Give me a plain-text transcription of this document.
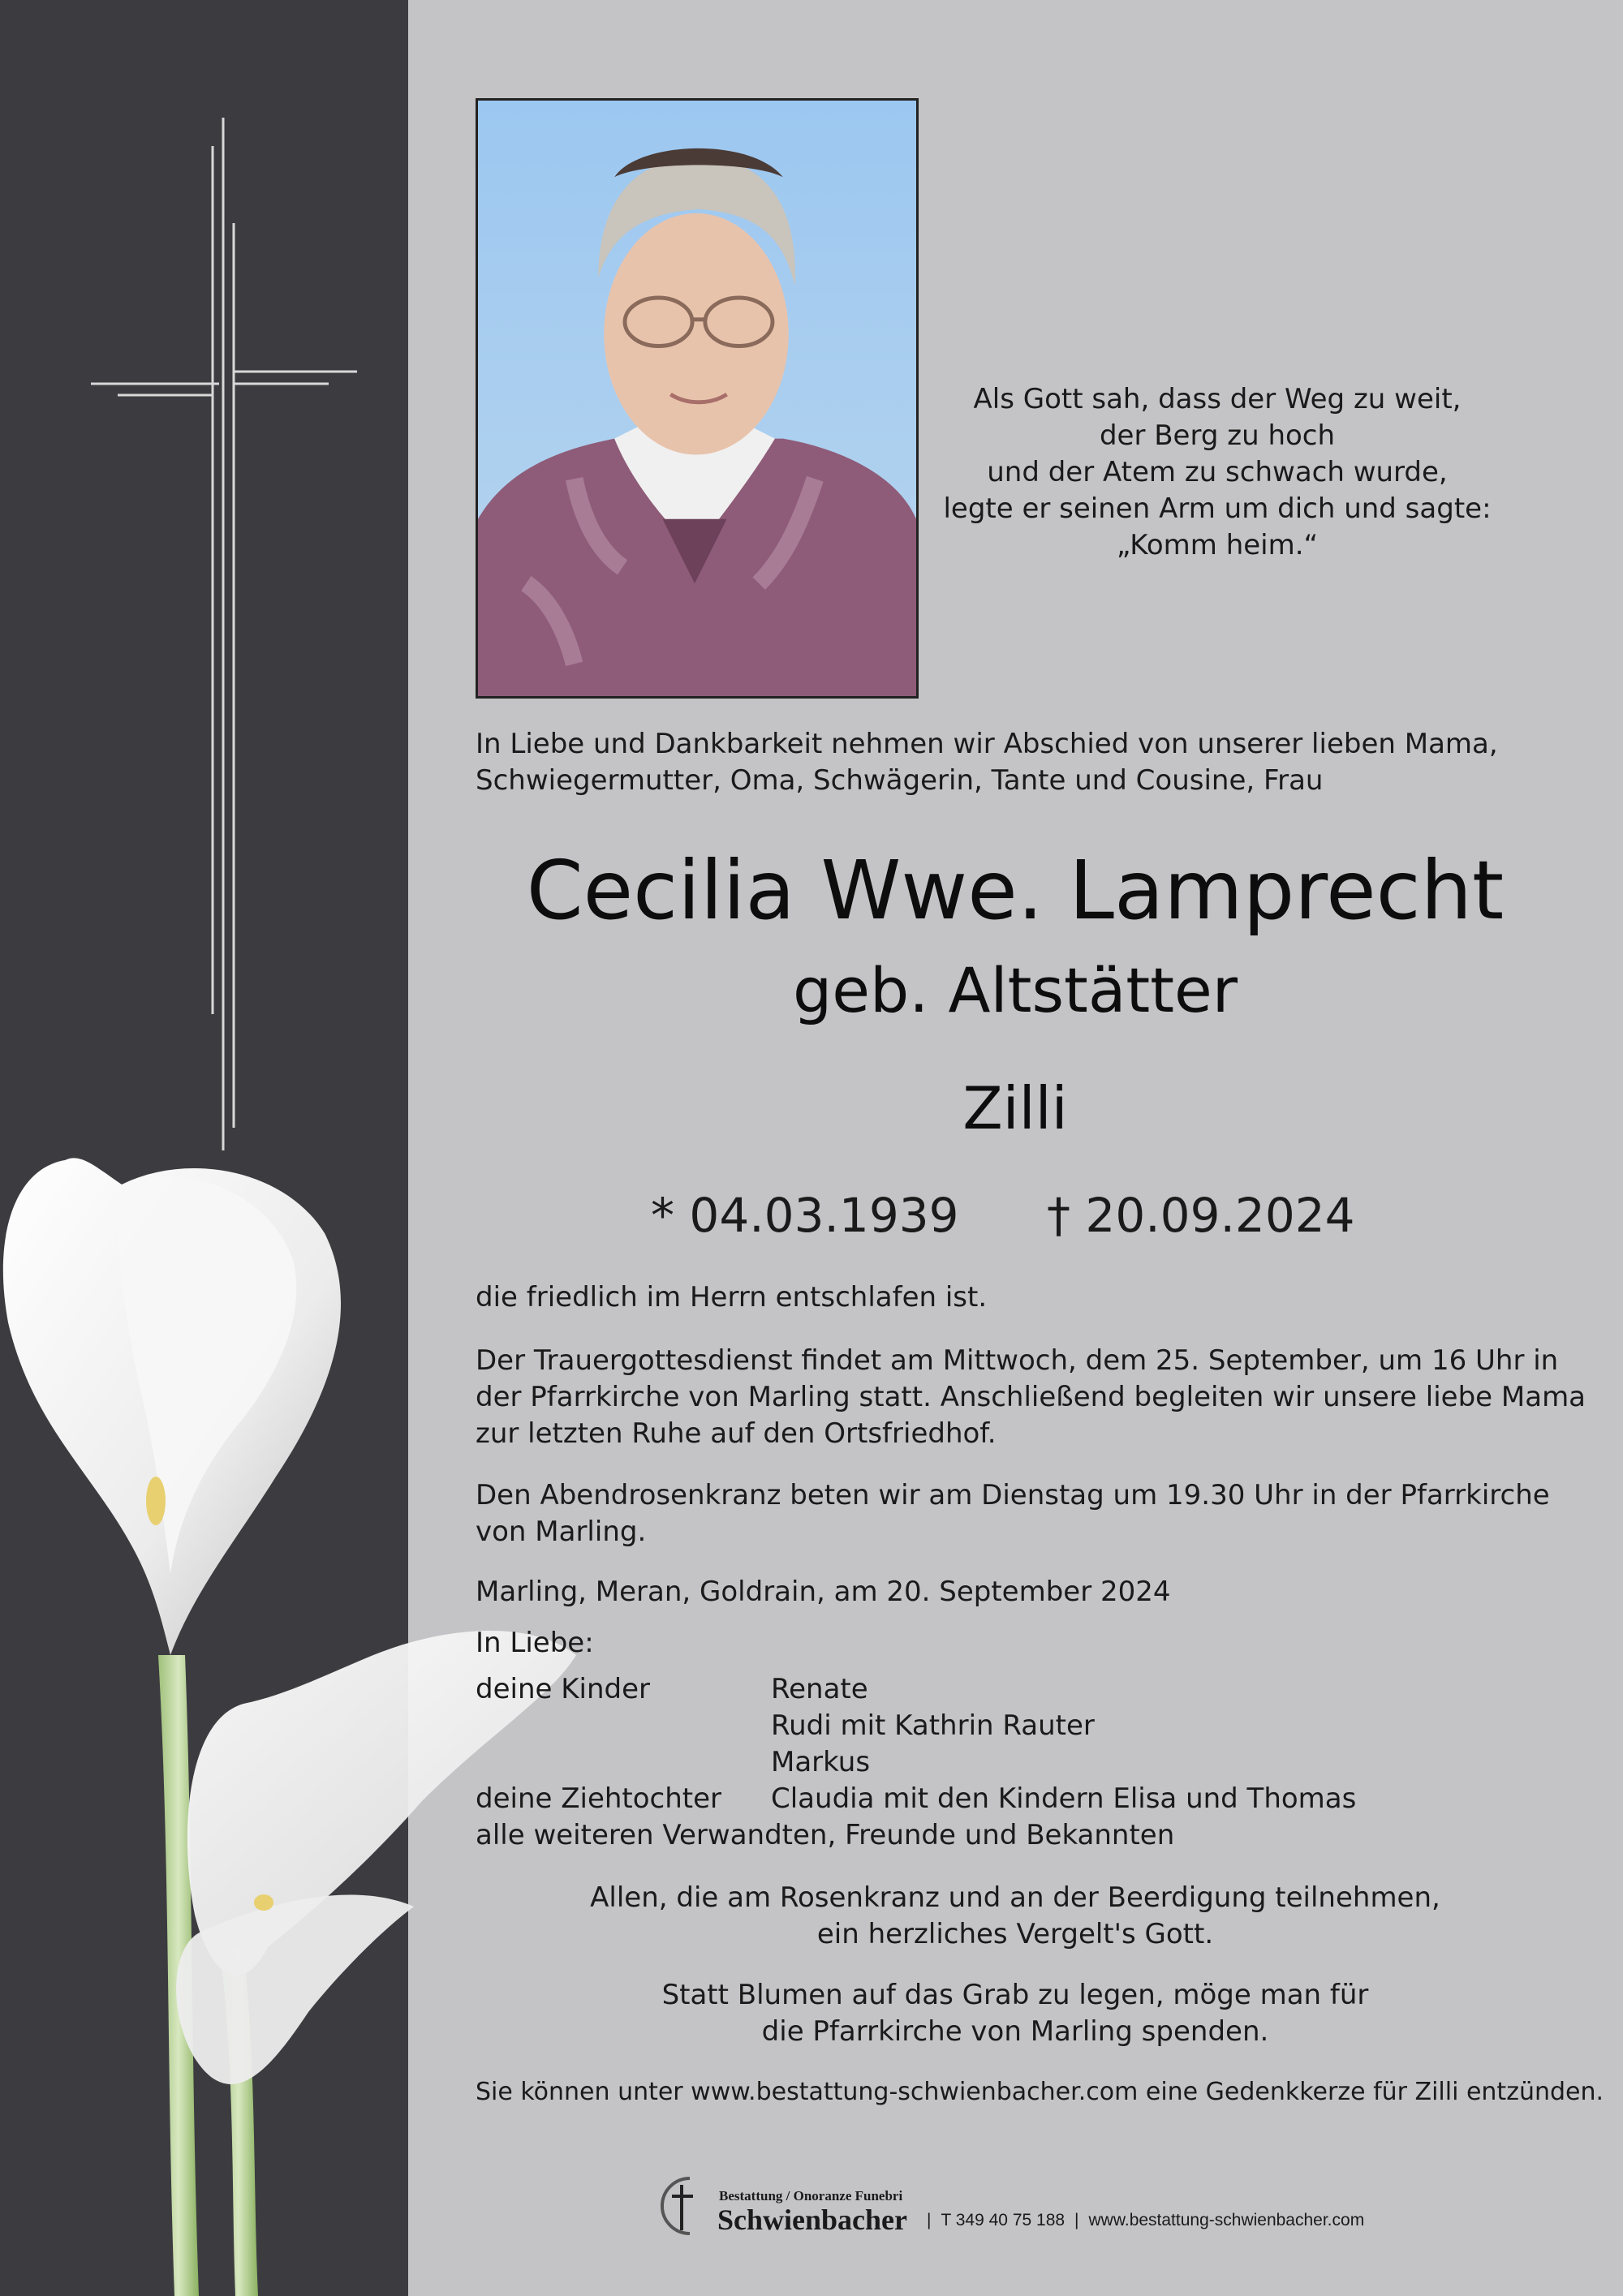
Als Gott sah, dass der Weg zu weit,
der Berg zu hoch
und der Atem zu schwach wurde,
legte er seinen Arm um dich und sagte:
„Komm heim.“
In Liebe und Dankbarkeit nehmen wir Abschied von unserer lieben Mama,
Schwiegermutter, Oma, Schwägerin, Tante und Cousine, Frau
Cecilia Wwe. Lamprecht
geb. Altstätter
Zilli
* 04.03.1939 † 20.09.2024
die friedlich im Herrn entschlafen ist.
Der Trauergottesdienst findet am Mittwoch, dem 25. September, um 16 Uhr in
der Pfarrkirche von Marling statt. Anschließend begleiten wir unsere liebe Mama
zur letzten Ruhe auf den Ortsfriedhof.
Den Abendrosenkranz beten wir am Dienstag um 19.30 Uhr in der Pfarrkirche
von Marling.
Marling, Meran, Goldrain, am 20. September 2024
In Liebe:
deine Kinder	Renate
Rudi mit Kathrin Rauter
Markus
deine Ziehtochter Claudia mit den Kindern Elisa und Thomas
alle weiteren Verwandten, Freunde und Bekannten
Allen, die am Rosenkranz und an der Beerdigung teilnehmen,
ein herzliches Vergelt's Gott.
Statt Blumen auf das Grab zu legen, möge man für
die Pfarrkirche von Marling spenden.
Sie können unter www.bestattung-schwienbacher.com eine Gedenkkerze für Zilli entzünden.
Bestattung / Onoranze Funebri
Schwienbacher	| T 349 40 75 188 | www.bestattung-schwienbacher.com
